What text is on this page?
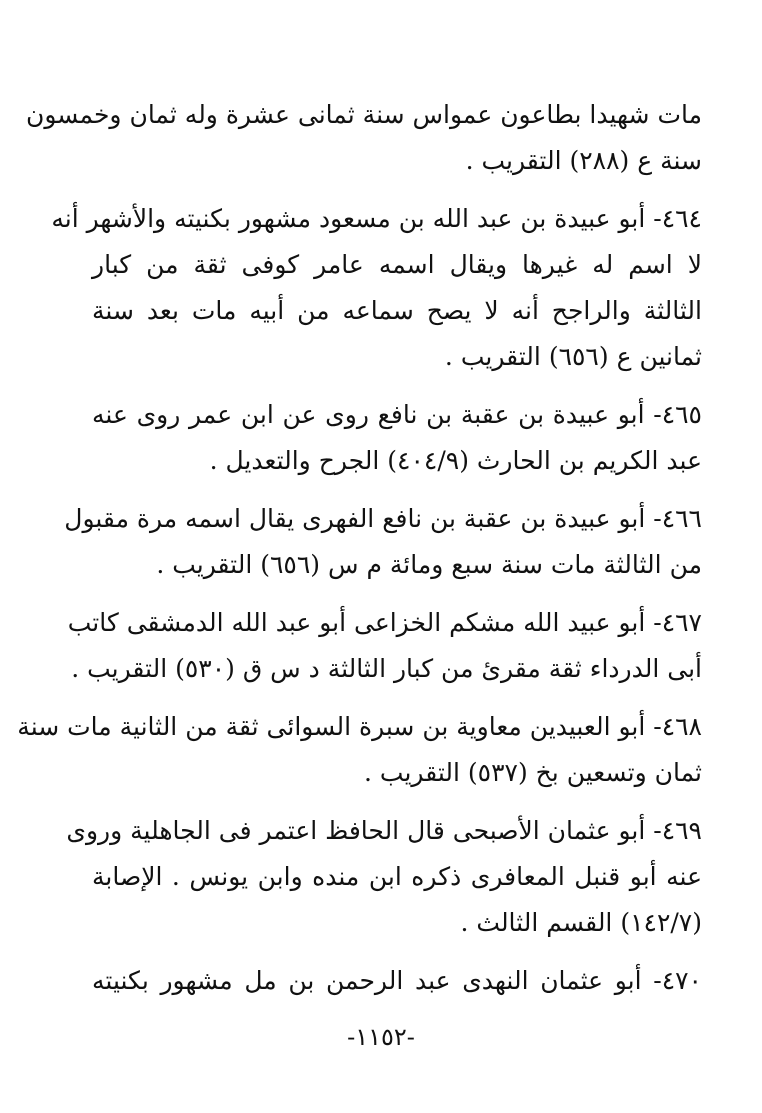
مات شهيدا بطاعون عمواس سنة ثمانى عشرة وله ثمان وخمسون
سنة ع (٢٨٨) التقريب .

٤٦٤- أبو عبيدة بن عبد الله بن مسعود مشهور بكنيته والأشهر أنه
لا اسم له غيرها ويقال اسمه عامر كوفى ثقة من كبار
الثالثة والراجح أنه لا يصح سماعه من أبيه مات بعد سنة
ثمانين ع (٦٥٦) التقريب .

٤٦٥- أبو عبيدة بن عقبة بن نافع روى عن ابن عمر روى عنه
عبد الكريم بن الحارث (٤٠٤/٩) الجرح والتعديل .

٤٦٦- أبو عبيدة بن عقبة بن نافع الفهرى يقال اسمه مرة مقبول
من الثالثة مات سنة سبع ومائة م س (٦٥٦) التقريب .

٤٦٧- أبو عبيد الله مشكم الخزاعى أبو عبد الله الدمشقى كاتب
أبى الدرداء ثقة مقرئ من كبار الثالثة د س ق (٥٣٠) التقريب .

٤٦٨- أبو العبيدين معاوية بن سبرة السوائى ثقة من الثانية مات سنة
ثمان وتسعين بخ (٥٣٧) التقريب .

٤٦٩- أبو عثمان الأصبحى قال الحافظ اعتمر فى الجاهلية وروى
عنه أبو قنبل المعافرى ذكره ابن منده وابن يونس . الإصابة
(١٤٢/٧) القسم الثالث .

٤٧٠- أبو عثمان النهدى عبد الرحمن بن مل مشهور بكنيته

-١١٥٢-
